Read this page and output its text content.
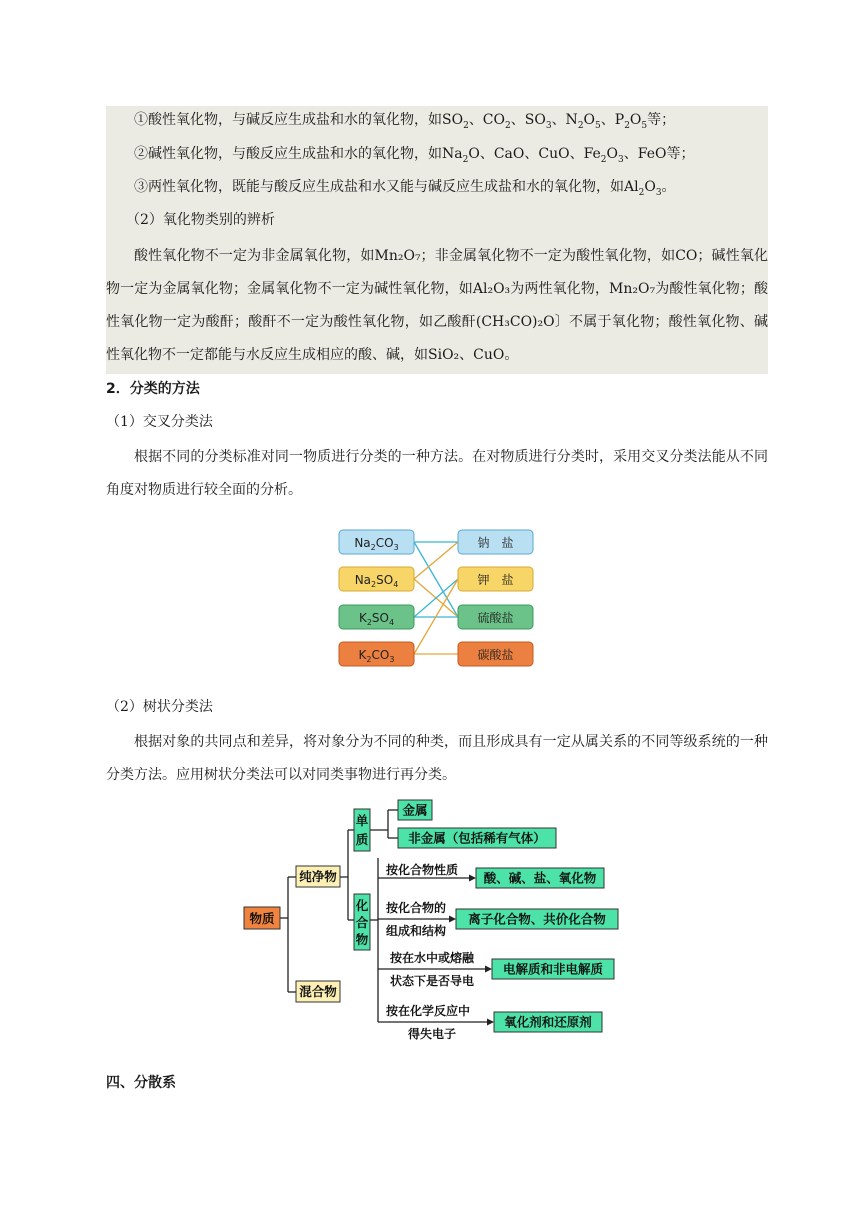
①酸性氧化物，与碱反应生成盐和水的氧化物，如$SO_2$、$CO_2$、$SO_3$、$N_2O_5$、$P_2O_5$等；
②碱性氧化物，与酸反应生成盐和水的氧化物，如$Na_2O$、CaO、CuO、$Fe_2O_3$、FeO等；
③两性氧化物，既能与酸反应生成盐和水又能与碱反应生成盐和水的氧化物，如$Al_2O_3$。
（2）氧化物类别的辨析
酸性氧化物不一定为非金属氧化物，如Mn₂O₇；非金属氧化物不一定为酸性氧化物，如CO；碱性氧化物一定为金属氧化物；金属氧化物不一定为碱性氧化物，如Al₂O₃为两性氧化物，Mn₂O₇为酸性氧化物；酸性氧化物一定为酸酐；酸酐不一定为酸性氧化物，如乙酸酐(CH₃CO)₂O〕不属于氧化物；酸性氧化物、碱性氧化物不一定都能与水反应生成相应的酸、碱，如SiO₂、CuO。
2．分类的方法
（1）交叉分类法
根据不同的分类标准对同一物质进行分类的一种方法。在对物质进行分类时，采用交叉分类法能从不同角度对物质进行较全面的分析。
$Na_2CO_3$
$Na_2SO_4$
$K_2SO_4$
$K_2CO_3$
钠　盐
钾　盐
硫酸盐
碳酸盐
（2）树状分类法
根据对象的共同点和差异，将对象分为不同的种类，而且形成具有一定从属关系的不同等级系统的一种分类方法。应用树状分类法可以对同类事物进行再分类。
物质
纯净物
混合物
单
质
化
合
物
金属
非金属（包括稀有气体）
按化合物性质
酸、碱、盐、氧化物
按化合物的
组成和结构
离子化合物、共价化合物
按在水中或熔融
状态下是否导电
电解质和非电解质
按在化学反应中
得失电子
氧化剂和还原剂
四、分散系
